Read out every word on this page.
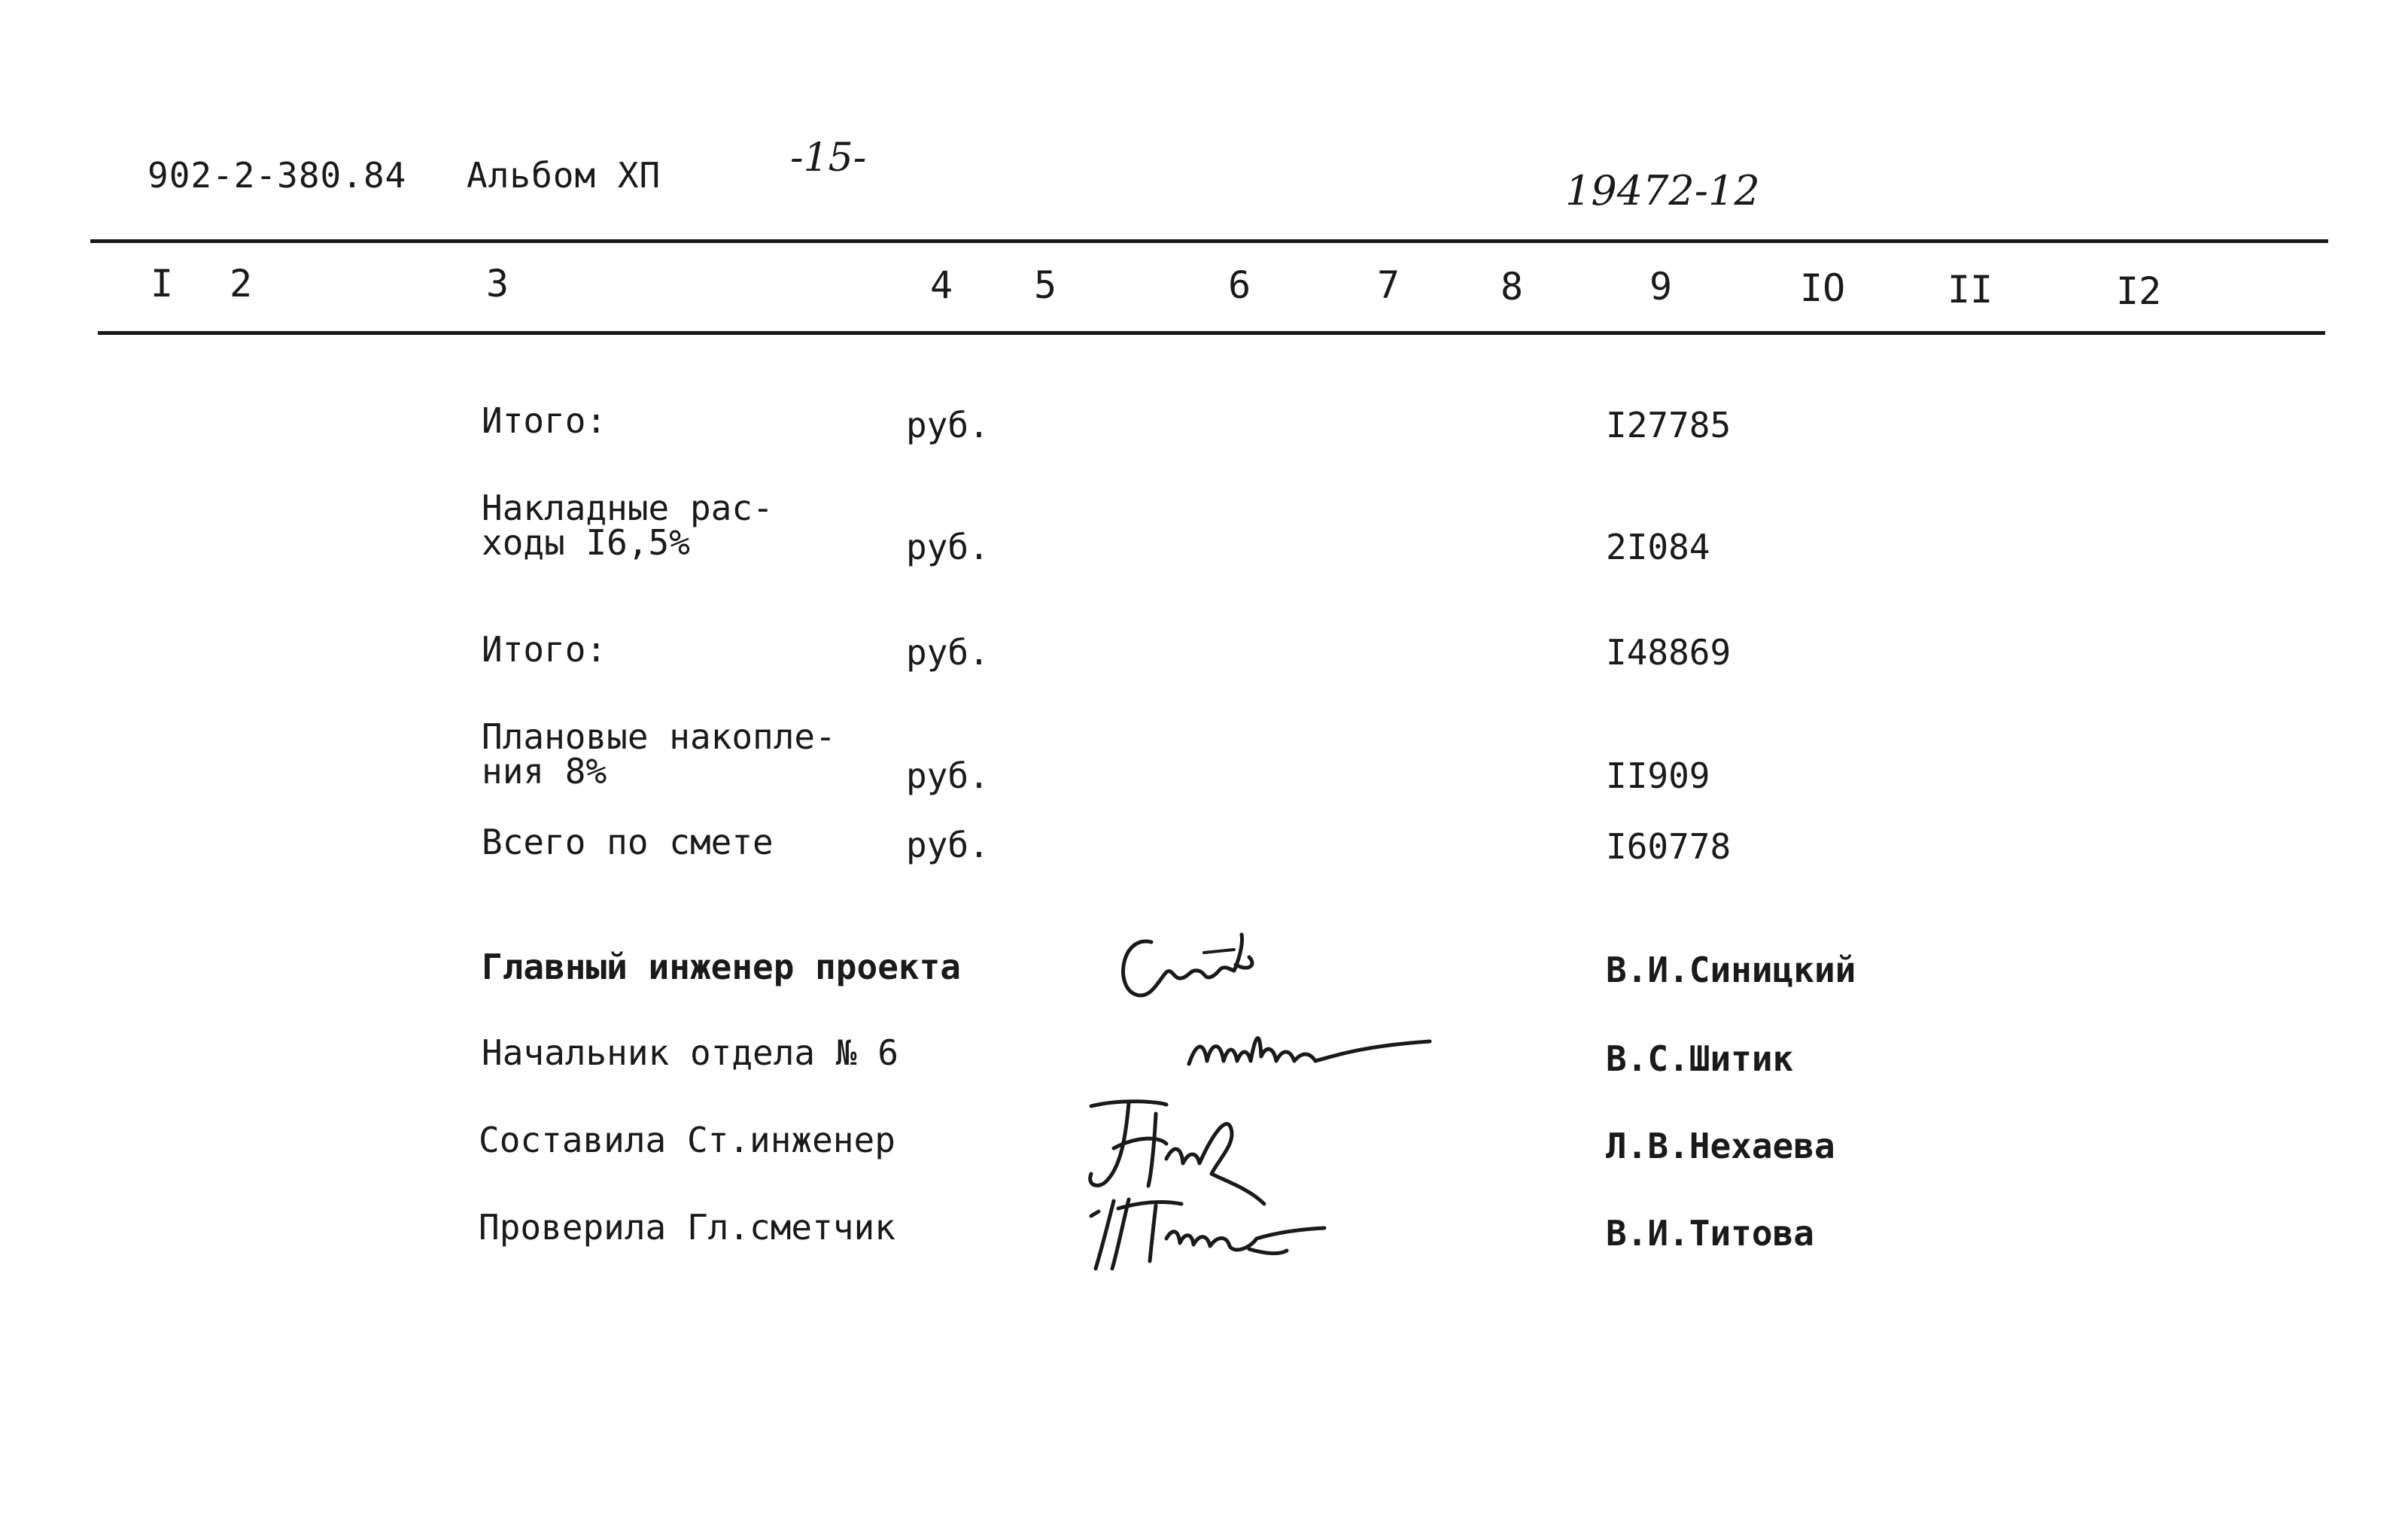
902-2-380.84 Альбом XП	-15-
19472-12
I 2	3	4 5	6	7	8	9	IO	II	I2
Итого:	руб.	I27785
Накладные рас-
ходы I6,5%	руб.	2I084
Итого:	руб.	I48869
Плановые накопле-
ния 8%	руб.	II909
Всего по смете	руб.	I60778
Главный инженер проекта	В.И.Синицкий
Начальник отдела № 6	В.С.Шитик
Составила Ст.инженер	Л.В.Нехаева
Проверила Гл.сметчик	В.И.Титова
